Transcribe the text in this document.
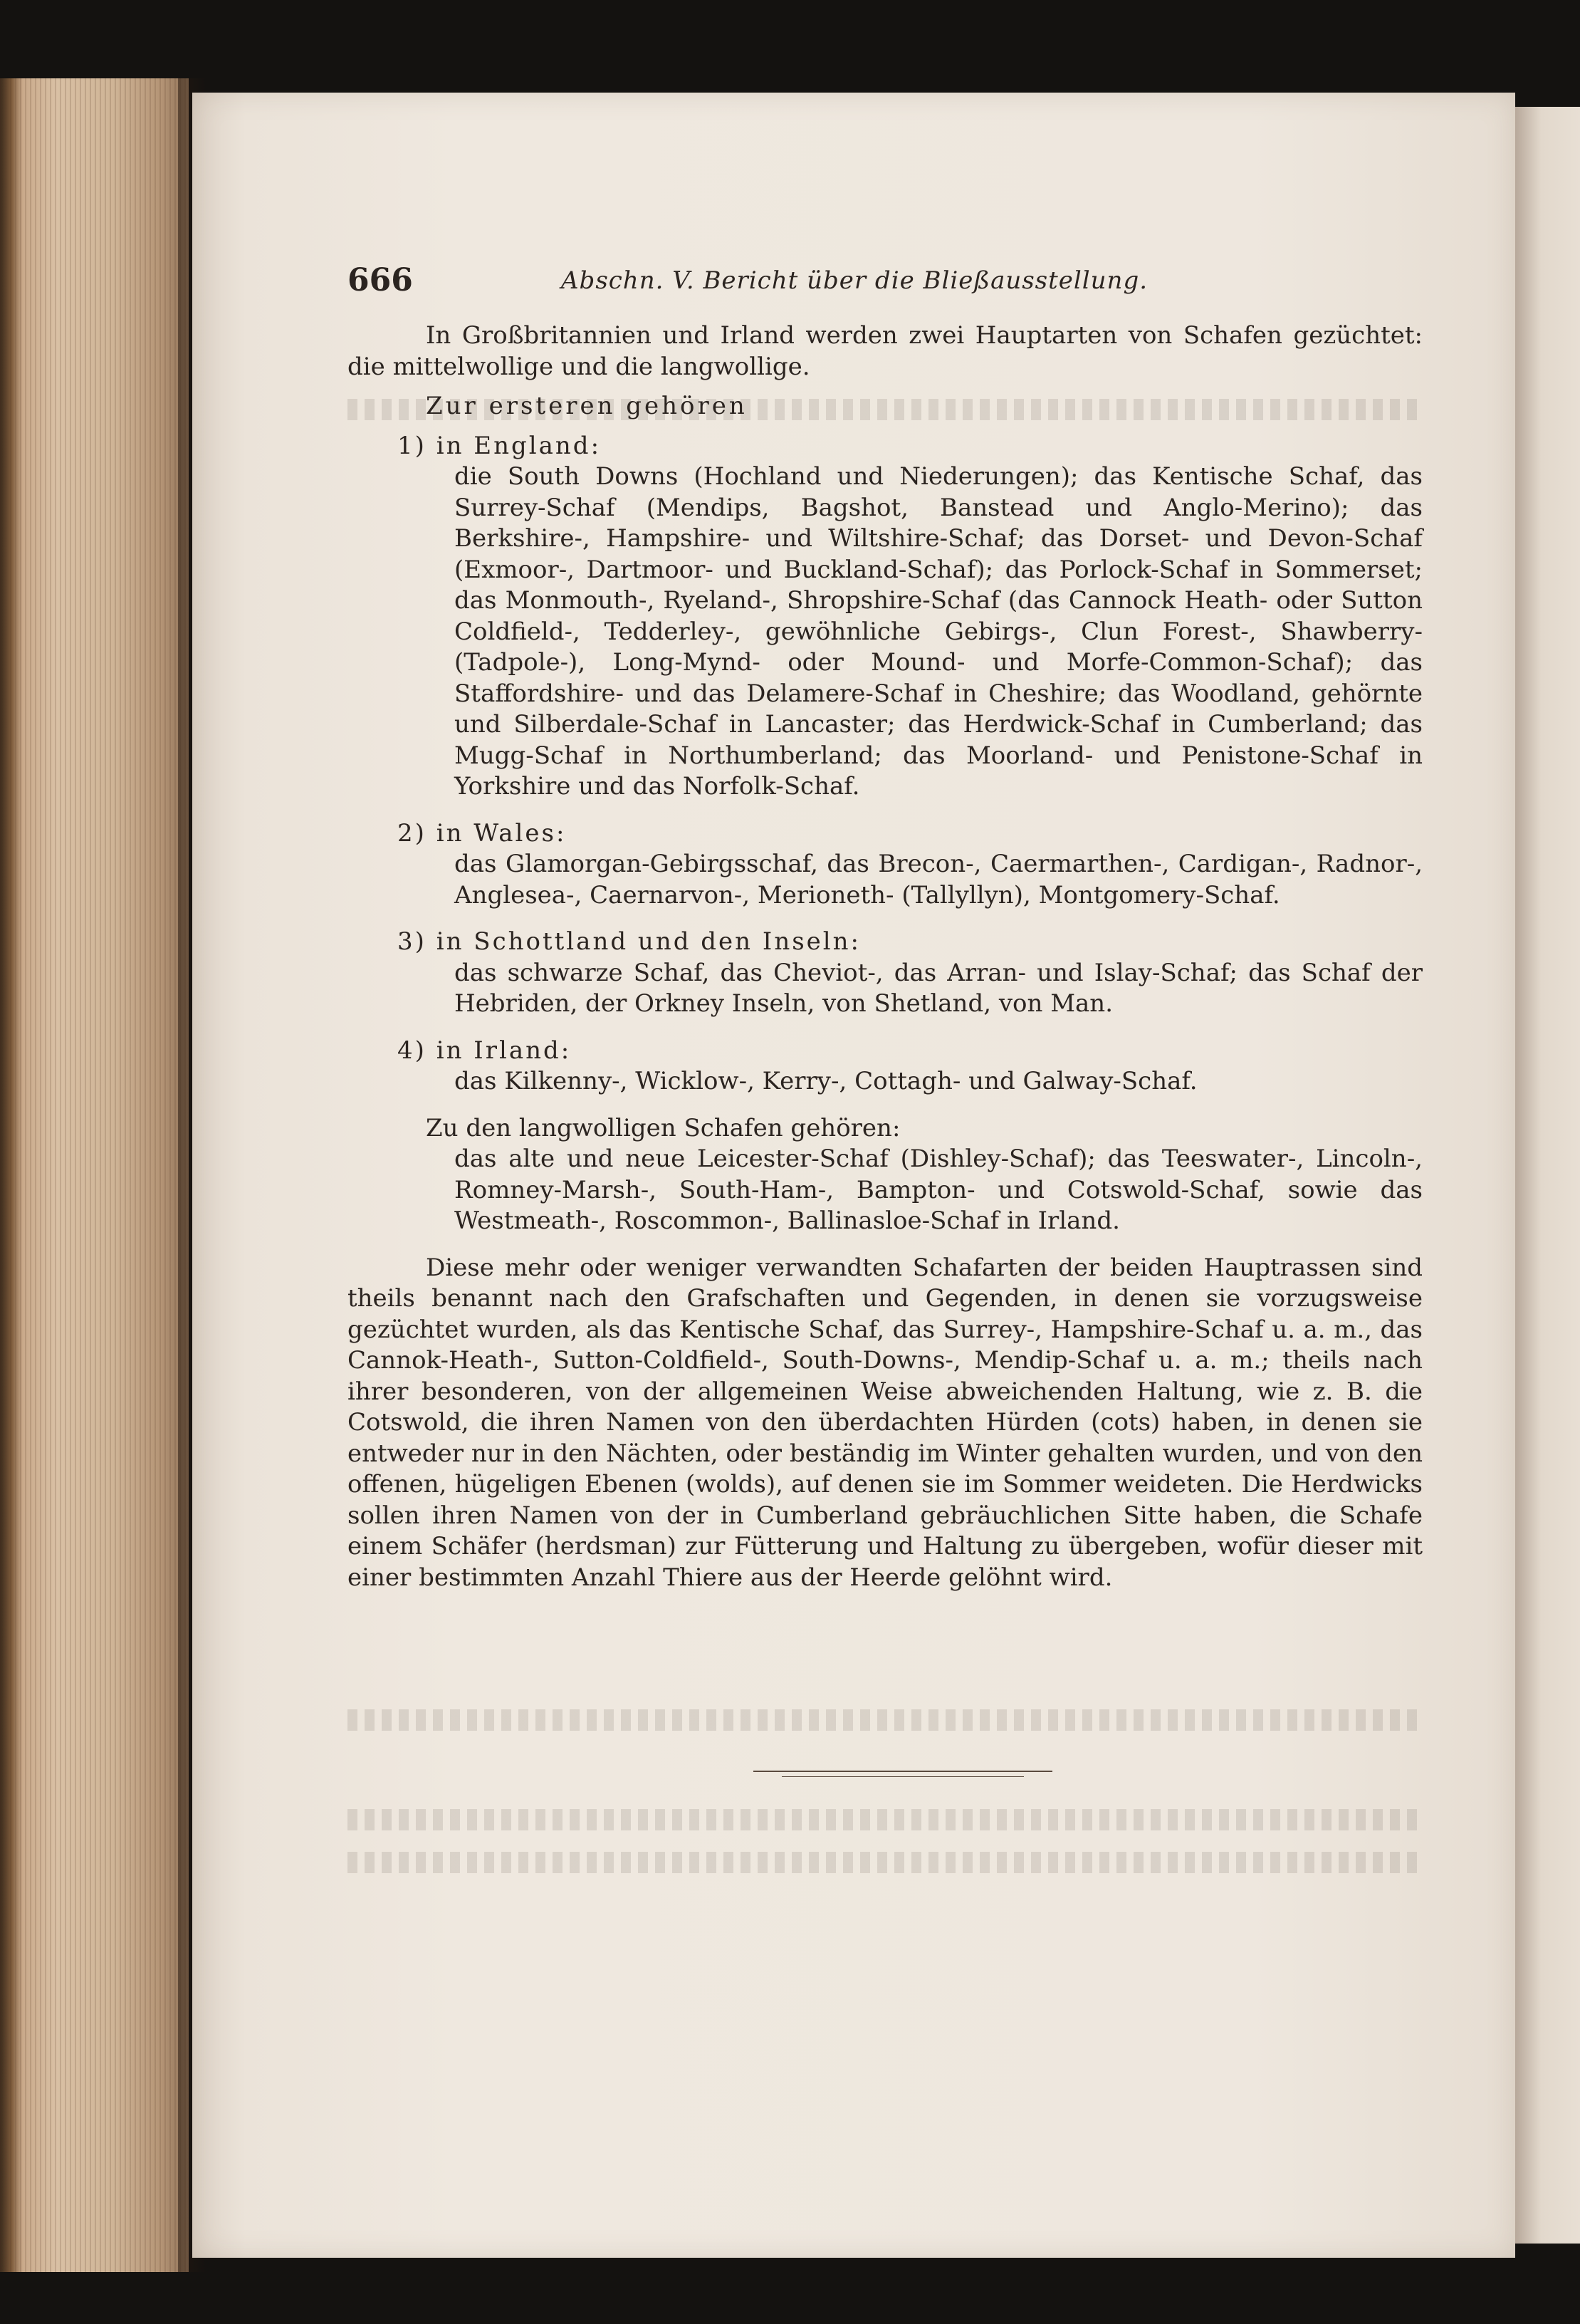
666	Abschn. V. Bericht über die Bließausstellung.

In Großbritannien und Irland werden zwei Hauptarten von Schafen gezüchtet: die mittelwollige und die langwollige.

Zur ersteren gehören

1) in England:

die South Downs (Hochland und Niederungen); das Kentische Schaf, das Surrey-Schaf (Mendips, Bagshot, Banstead und Anglo-Merino); das Berkshire-, Hampshire- und Wiltshire-Schaf; das Dorset- und Devon-Schaf (Exmoor-, Dartmoor- und Buckland-Schaf); das Porlock-Schaf in Sommerset; das Monmouth-, Ryeland-, Shropshire-Schaf (das Cannock Heath- oder Sutton Coldfield-, Tedderley-, gewöhnliche Gebirgs-, Clun Forest-, Shawberry- (Tadpole-), Long-Mynd- oder Mound- und Morfe-Common-Schaf); das Staffordshire- und das Delamere-Schaf in Cheshire; das Woodland, gehörnte und Silberdale-Schaf in Lancaster; das Herdwick-Schaf in Cumberland; das Mugg-Schaf in Northumberland; das Moorland- und Penistone-Schaf in Yorkshire und das Norfolk-Schaf.

2) in Wales:

das Glamorgan-Gebirgsschaf, das Brecon-, Caermarthen-, Cardigan-, Radnor-, Anglesea-, Caernarvon-, Merioneth- (Tallyllyn), Montgomery-Schaf.

3) in Schottland und den Inseln:

das schwarze Schaf, das Cheviot-, das Arran- und Islay-Schaf; das Schaf der Hebriden, der Orkney Inseln, von Shetland, von Man.

4) in Irland:

das Kilkenny-, Wicklow-, Kerry-, Cottagh- und Galway-Schaf.

Zu den langwolligen Schafen gehören:

das alte und neue Leicester-Schaf (Dishley-Schaf); das Teeswater-, Lincoln-, Romney-Marsh-, South-Ham-, Bampton- und Cotswold-Schaf, sowie das Westmeath-, Roscommon-, Ballinasloe-Schaf in Irland.

Diese mehr oder weniger verwandten Schafarten der beiden Hauptrassen sind theils benannt nach den Grafschaften und Gegenden, in denen sie vorzugsweise gezüchtet wurden, als das Kentische Schaf, das Surrey-, Hampshire-Schaf u. a. m., das Cannok-Heath-, Sutton-Coldfield-, South-Downs-, Mendip-Schaf u. a. m.; theils nach ihrer besonderen, von der allgemeinen Weise abweichenden Haltung, wie z. B. die Cotswold, die ihren Namen von den überdachten Hürden (cots) haben, in denen sie entweder nur in den Nächten, oder beständig im Winter gehalten wurden, und von den offenen, hügeligen Ebenen (wolds), auf denen sie im Sommer weideten. Die Herdwicks sollen ihren Namen von der in Cumberland gebräuchlichen Sitte haben, die Schafe einem Schäfer (herdsman) zur Fütterung und Haltung zu übergeben, wofür dieser mit einer bestimmten Anzahl Thiere aus der Heerde gelöhnt wird.
